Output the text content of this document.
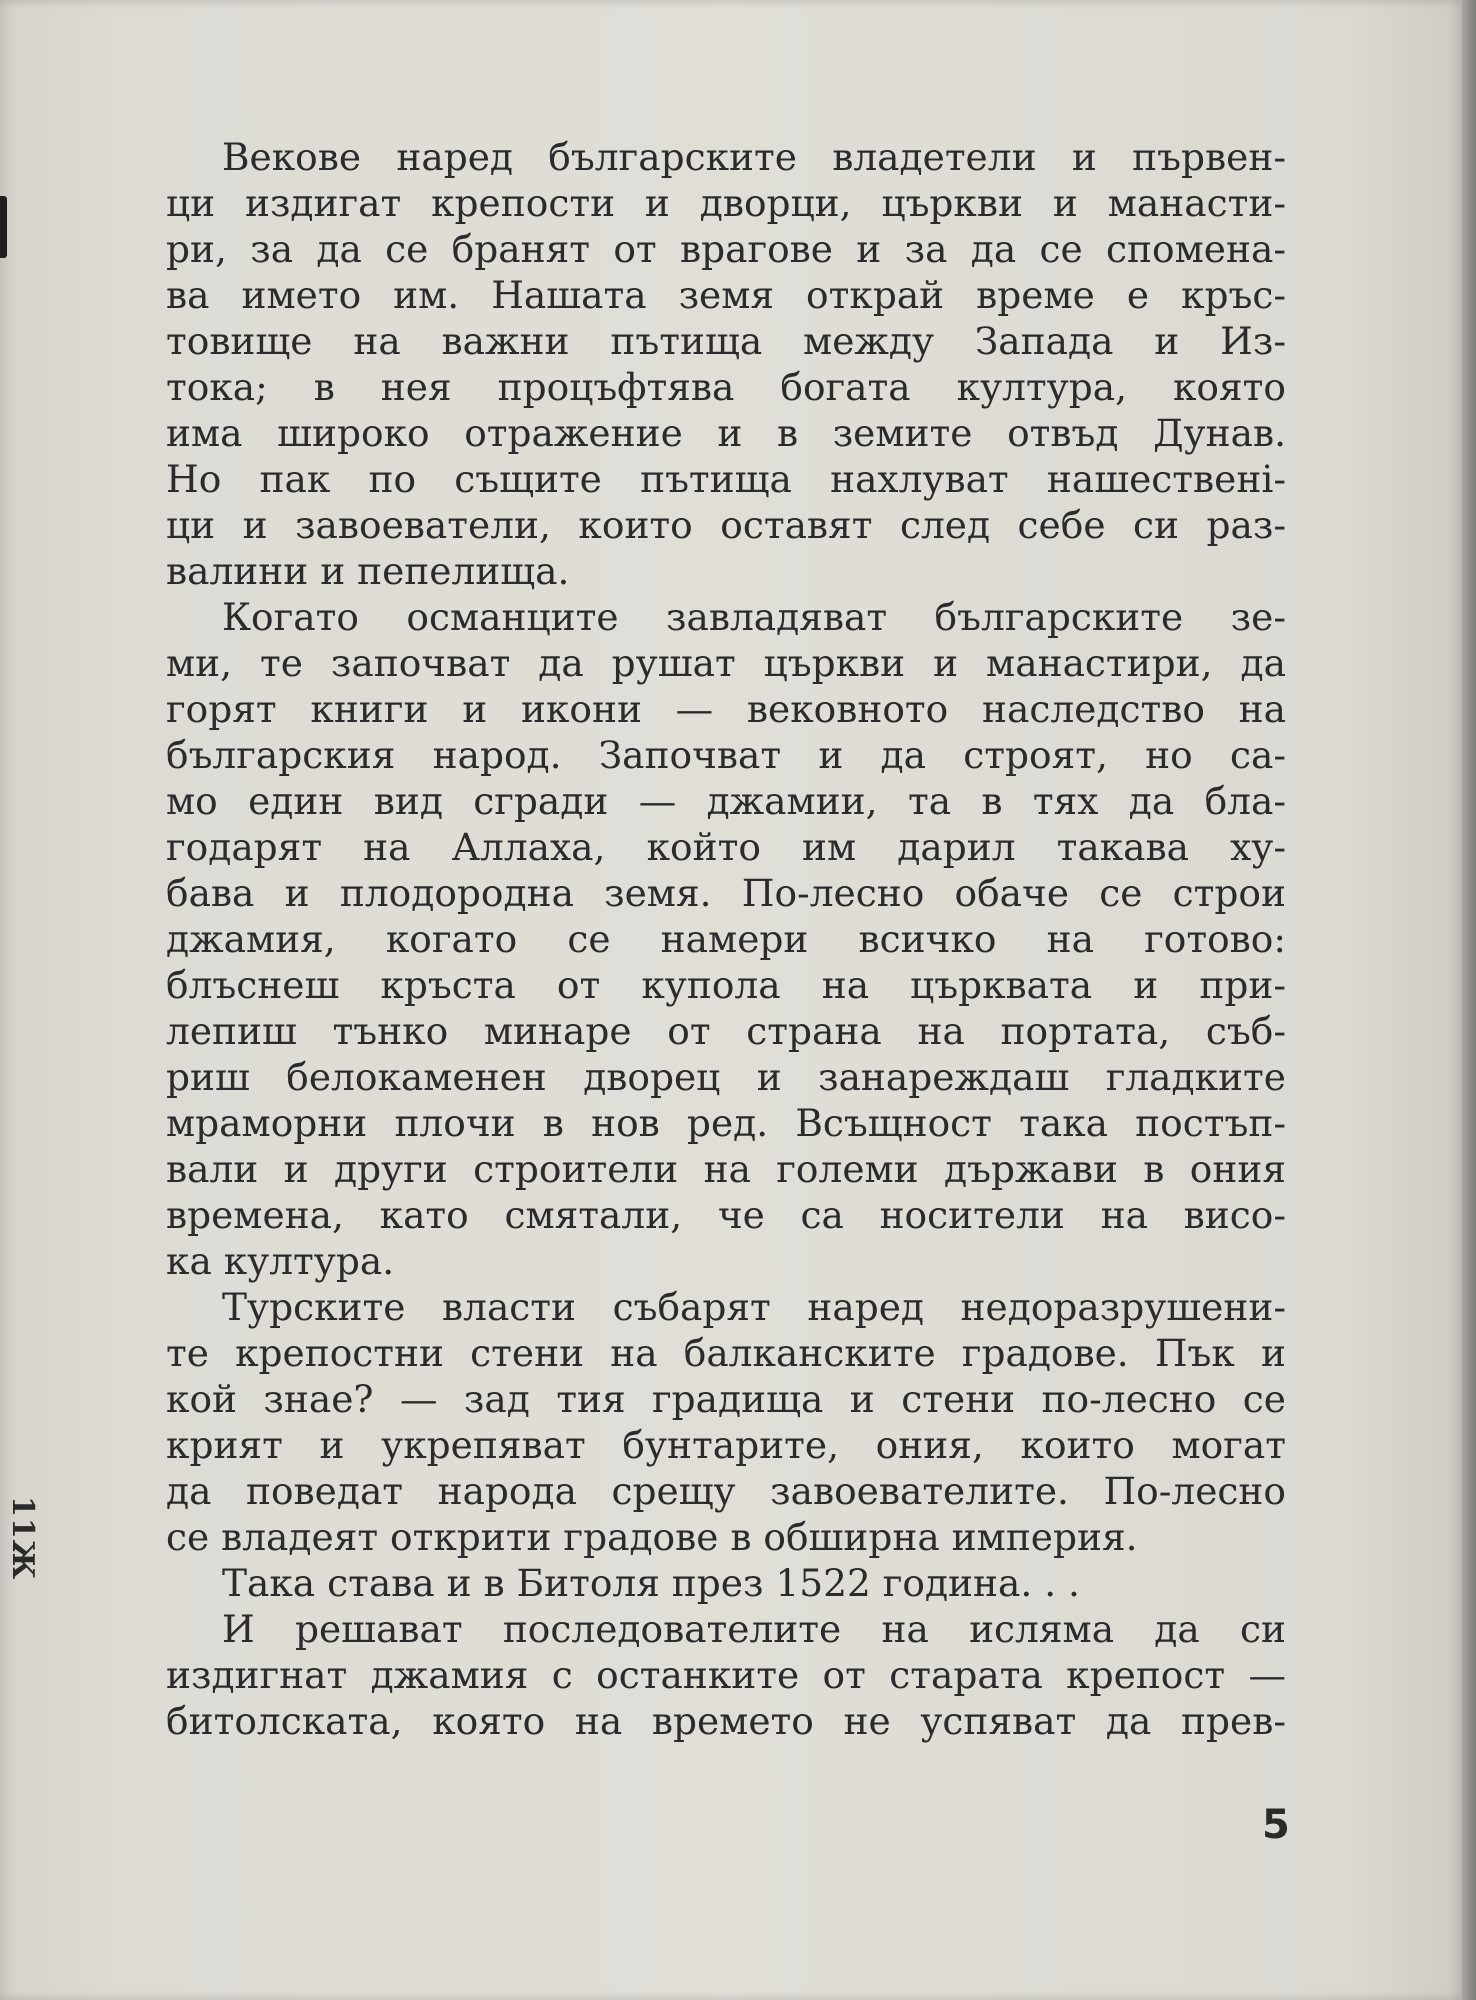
11Ж

Векове наред българските владетели и първен-
ци издигат крепости и дворци, църкви и манасти-
ри, за да се бранят от врагове и за да се спомена-
ва името им. Нашата земя открай време е кръс-
товище на важни пътища между Запада и Из-
тока; в нея процъфтява богата култура, която
има широко отражение и в земите отвъд Дунав.
Но пак по същите пътища нахлуват нашественi-
ци и завоеватели, които оставят след себе си раз-
валини и пепелища.

Когато османците завладяват българските зе-
ми, те започват да рушат църкви и манастири, да
горят книги и икони — вековното наследство на
българския народ. Започват и да строят, но са-
мо един вид сгради — джамии, та в тях да бла-
годарят на Аллаха, който им дарил такава ху-
бава и плодородна земя. По-лесно обаче се строи
джамия, когато се намери всичко на готово:
блъснеш кръста от купола на църквата и при-
лепиш тънко минаре от страна на портата, съб-
риш белокаменен дворец и занареждаш гладките
мраморни плочи в нов ред. Всъщност така постъп-
вали и други строители на големи държави в ония
времена, като смятали, че са носители на висо-
ка култура.

Турските власти събарят наред недоразрушени-
те крепостни стени на балканските градове. Пък и
кой знае? — зад тия градища и стени по-лесно се
крият и укрепяват бунтарите, ония, които могат
да поведат народа срещу завоевателите. По-лесно
се владеят открити градове в обширна империя.

Така става и в Битоля през 1522 година. . .

И решават последователите на исляма да си
издигнат джамия с останките от старата крепост —
битолската, която на времето не успяват да прев-

5
